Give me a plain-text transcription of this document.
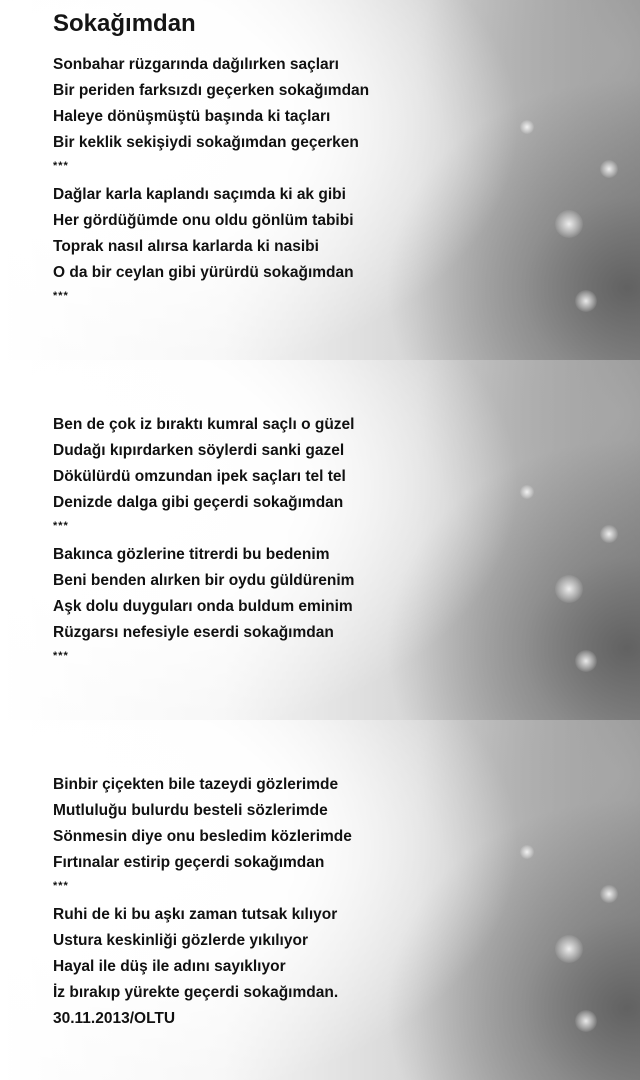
Sokağımdan
Sonbahar rüzgarında dağılırken saçları
Bir periden farksızdı geçerken sokağımdan
Haleye dönüşmüştü başında ki taçları
Bir keklik sekişiydi sokağımdan geçerken
***
Dağlar karla kaplandı saçımda ki ak gibi
Her gördüğümde onu oldu gönlüm tabibi
Toprak nasıl alırsa karlarda ki nasibi
O da bir ceylan gibi yürürdü sokağımdan
***
Ben de çok iz bıraktı kumral saçlı o güzel
Dudağı kıpırdarken söylerdi sanki gazel
Dökülürdü omzundan ipek saçları tel tel
Denizde dalga gibi geçerdi sokağımdan
***
Bakınca gözlerine titrerdi bu bedenim
Beni benden alırken bir oydu güldürenim
Aşk dolu duyguları onda buldum eminim
Rüzgarsı nefesiyle eserdi sokağımdan
***
Binbir çiçekten bile tazeydi gözlerimde
Mutluluğu bulurdu besteli sözlerimde
Sönmesin diye onu besledim közlerimde
Fırtınalar estirip geçerdi sokağımdan
***
Ruhi de ki bu aşkı zaman tutsak kılıyor
Ustura keskinliği gözlerde yıkılıyor
Hayal ile düş ile adını sayıklıyor
İz bırakıp yürekte geçerdi sokağımdan.
30.11.2013/OLTU
